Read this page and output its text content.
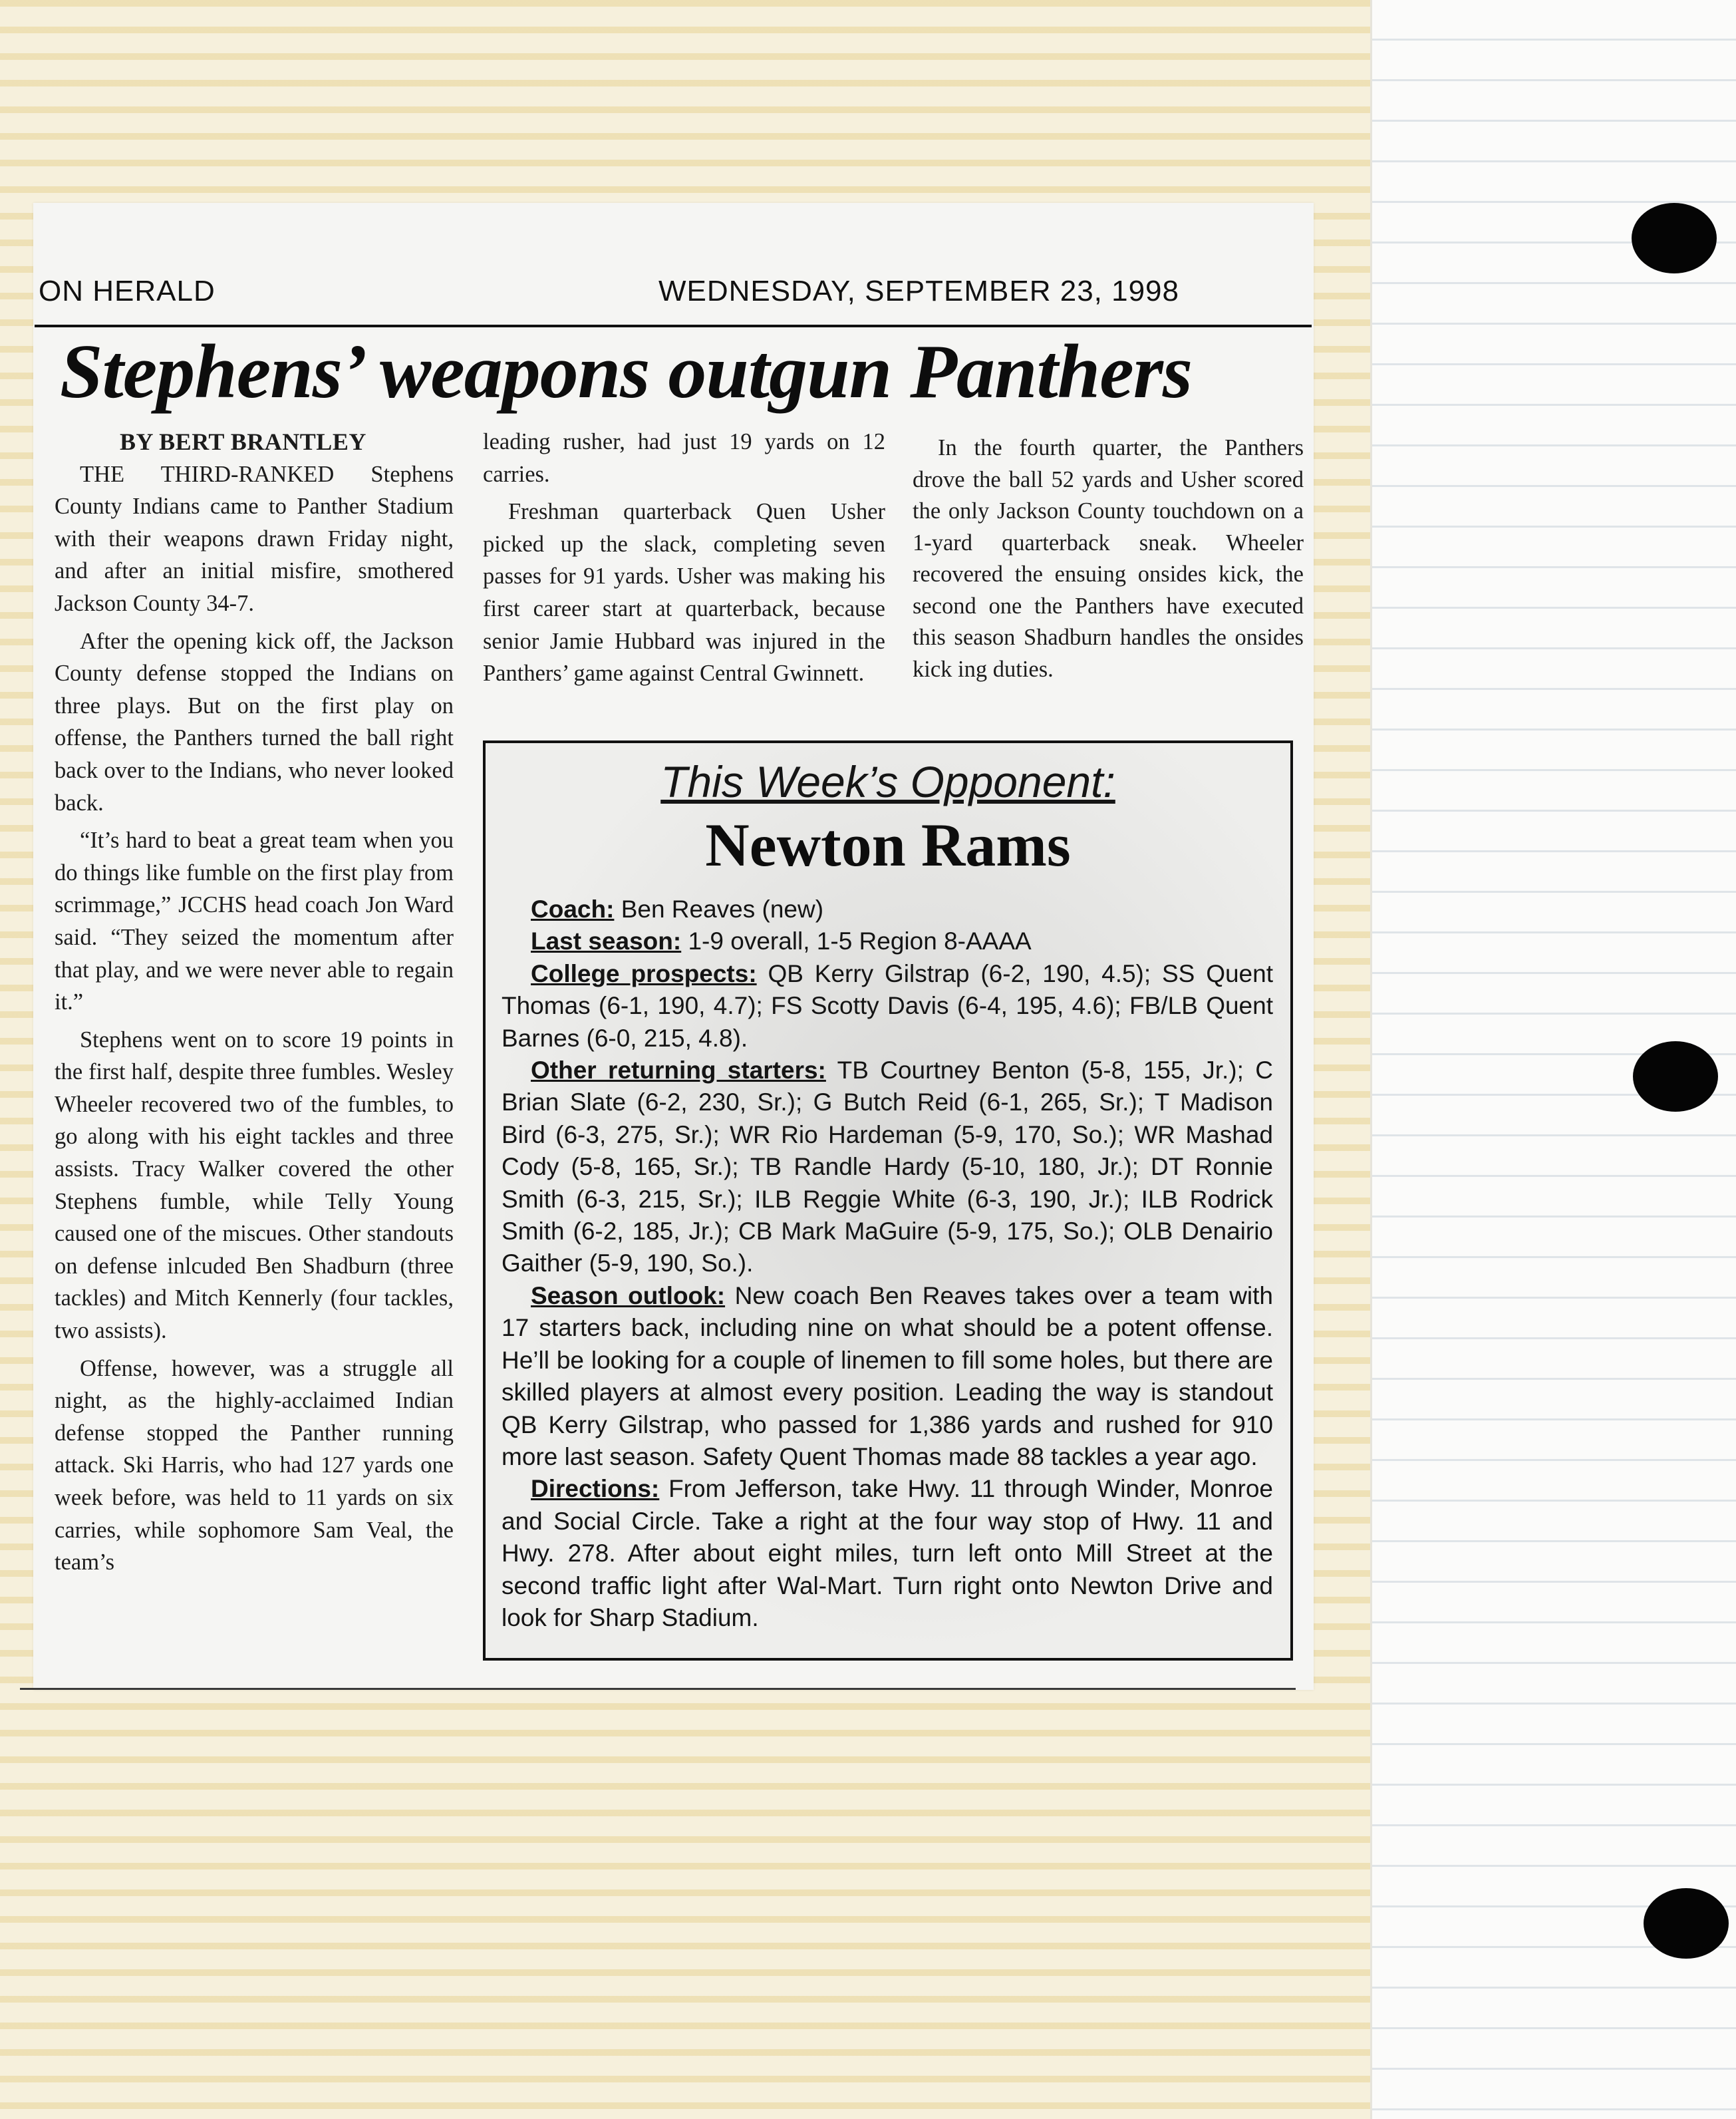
ON HERALD	WEDNESDAY, SEPTEMBER 23, 1998
Stephens’ weapons outgun Panthers

BY BERT BRANTLEY

THE THIRD-RANKED Stephens County Indians came to Panther Stadium with their weapons drawn Friday night, and after an initial misfire, smothered Jackson County 34-7.

After the opening kick off, the Jackson County defense stopped the Indians on three plays. But on the first play on offense, the Panthers turned the ball right back over to the Indians, who never looked back.

“It’s hard to beat a great team when you do things like fumble on the first play from scrimmage,” JCCHS head coach Jon Ward said. “They seized the momentum after that play, and we were never able to regain it.”

Stephens went on to score 19 points in the first half, despite three fumbles. Wesley Wheeler recovered two of the fumbles, to go along with his eight tackles and three assists. Tracy Walker covered the other Stephens fumble, while Telly Young caused one of the miscues. Other standouts on defense inlcuded Ben Shadburn (three tackles) and Mitch Kennerly (four tackles, two assists).

Offense, however, was a struggle all night, as the highly-acclaimed Indian defense stopped the Panther running attack. Ski Harris, who had 127 yards one week before, was held to 11 yards on six carries, while sophomore Sam Veal, the team’s

leading rusher, had just 19 yards on 12 carries.

Freshman quarterback Quen Usher picked up the slack, completing seven passes for 91 yards. Usher was making his first career start at quarterback, because senior Jamie Hubbard was injured in the Panthers’ game against Central Gwinnett.

In the fourth quarter, the Panthers drove the ball 52 yards and Usher scored the only Jackson County touchdown on a 1-yard quarterback sneak. Wheeler recovered the ensuing onsides kick, the second one the Panthers have executed this season Shadburn handles the onsides kick ing duties.

This Week’s Opponent:
Newton Rams

Coach: Ben Reaves (new)

Last season: 1-9 overall, 1-5 Region 8-AAAA

College prospects: QB Kerry Gilstrap (6-2, 190, 4.5); SS Quent Thomas (6-1, 190, 4.7); FS Scotty Davis (6-4, 195, 4.6); FB/LB Quent Barnes (6-0, 215, 4.8).

Other returning starters: TB Courtney Benton (5-8, 155, Jr.); C Brian Slate (6-2, 230, Sr.); G Butch Reid (6-1, 265, Sr.); T Madison Bird (6-3, 275, Sr.); WR Rio Hardeman (5-9, 170, So.); WR Mashad Cody (5-8, 165, Sr.); TB Randle Hardy (5-10, 180, Jr.); DT Ronnie Smith (6-3, 215, Sr.); ILB Reggie White (6-3, 190, Jr.); ILB Rodrick Smith (6-2, 185, Jr.); CB Mark MaGuire (5-9, 175, So.); OLB Denairio Gaither (5-9, 190, So.).

Season outlook: New coach Ben Reaves takes over a team with 17 starters back, including nine on what should be a potent offense. He’ll be looking for a couple of linemen to fill some holes, but there are skilled players at almost every position. Leading the way is standout QB Kerry Gilstrap, who passed for 1,386 yards and rushed for 910 more last season. Safety Quent Thomas made 88 tackles a year ago.

Directions: From Jefferson, take Hwy. 11 through Winder, Monroe and Social Circle. Take a right at the four way stop of Hwy. 11 and Hwy. 278. After about eight miles, turn left onto Mill Street at the second traffic light after Wal-Mart. Turn right onto Newton Drive and look for Sharp Stadium.
